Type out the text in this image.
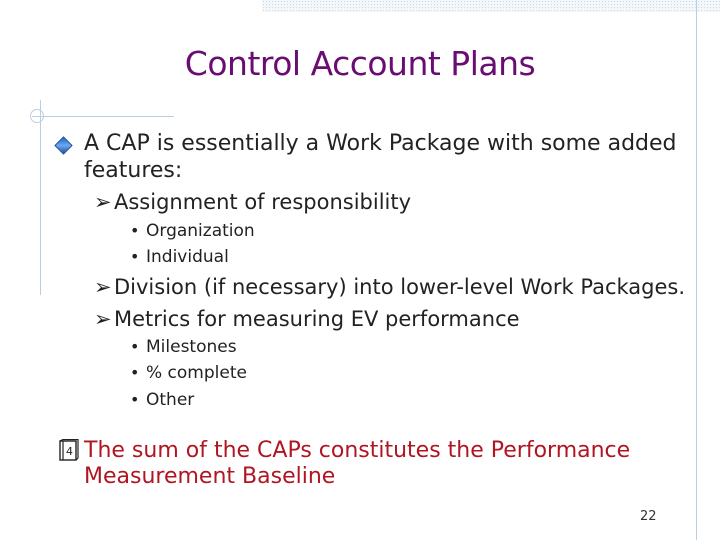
Control Account Plans
A CAP is essentially a Work Package with some added
features:
➢ Assignment of responsibility
• Organization
• Individual
➢ Division (if necessary) into lower-level Work Packages.
➢ Metrics for measuring EV performance
• Milestones
• % complete
• Other
4 The sum of the CAPs constitutes the Performance
Measurement Baseline
22
